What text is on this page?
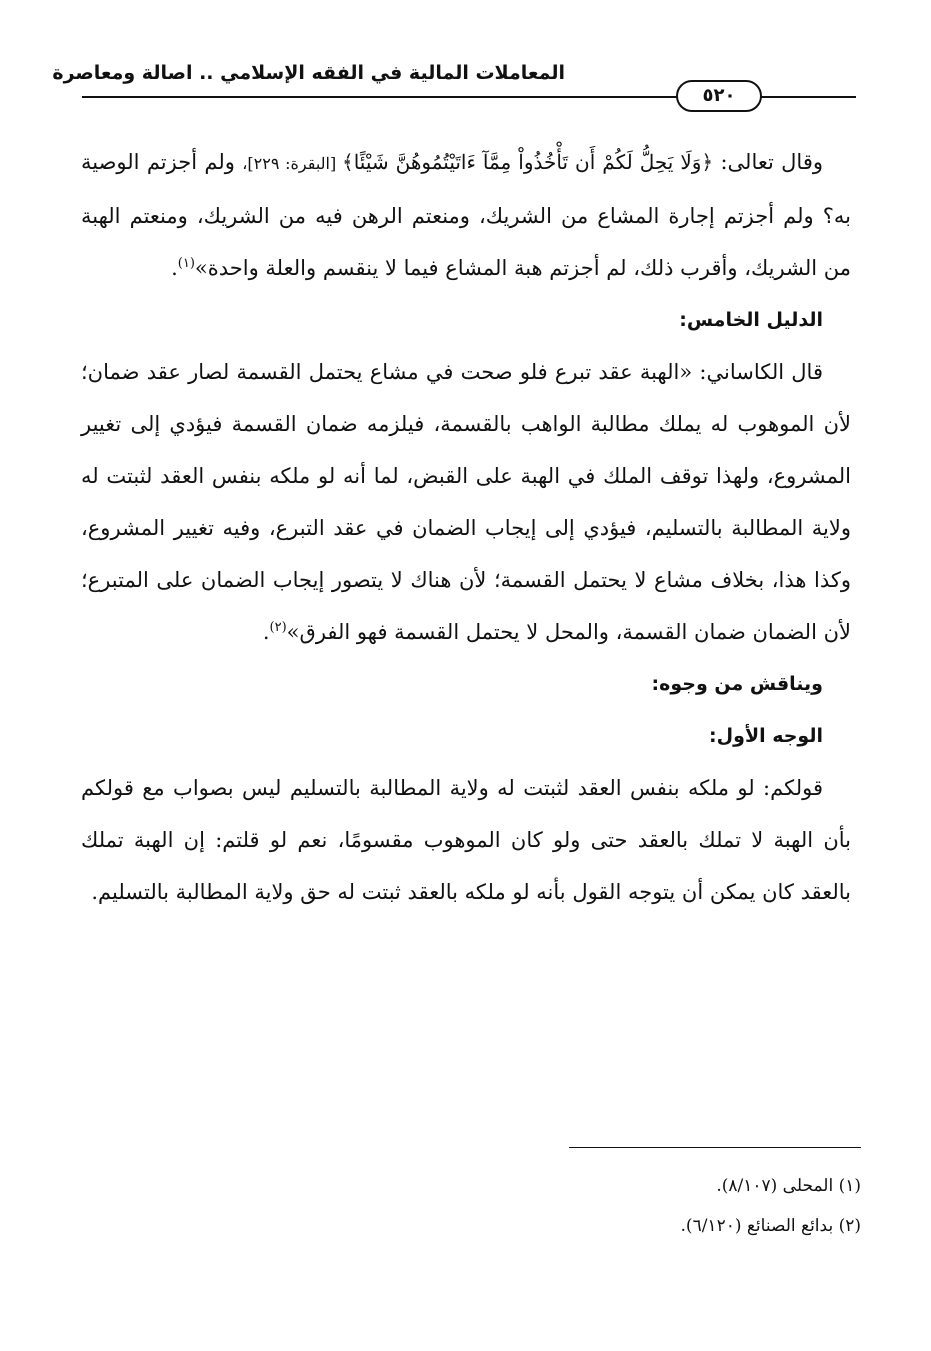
المعاملات المالية في الفقه الإسلامي .. اصالة ومعاصرة
٥٢٠

وقال تعالى: ﴿وَلَا يَحِلُّ لَكُمْ أَن تَأْخُذُواْ مِمَّآ ءَاتَيْتُمُوهُنَّ شَيْئًا﴾ [البقرة: ٢٢٩]، ولم أجزتم الوصية به؟ ولم أجزتم إجارة المشاع من الشريك، ومنعتم الرهن فيه من الشريك، ومنعتم الهبة من الشريك، وأقرب ذلك، لم أجزتم هبة المشاع فيما لا ينقسم والعلة واحدة»$^{(١)}$.

الدليل الخامس:

قال الكاساني: «الهبة عقد تبرع فلو صحت في مشاع يحتمل القسمة لصار عقد ضمان؛ لأن الموهوب له يملك مطالبة الواهب بالقسمة، فيلزمه ضمان القسمة فيؤدي إلى تغيير المشروع، ولهذا توقف الملك في الهبة على القبض، لما أنه لو ملكه بنفس العقد لثبتت له ولاية المطالبة بالتسليم، فيؤدي إلى إيجاب الضمان في عقد التبرع، وفيه تغيير المشروع، وكذا هذا، بخلاف مشاع لا يحتمل القسمة؛ لأن هناك لا يتصور إيجاب الضمان على المتبرع؛ لأن الضمان ضمان القسمة، والمحل لا يحتمل القسمة فهو الفرق»$^{(٢)}$.

ويناقش من وجوه:

الوجه الأول:

قولكم: لو ملكه بنفس العقد لثبتت له ولاية المطالبة بالتسليم ليس بصواب مع قولكم بأن الهبة لا تملك بالعقد حتى ولو كان الموهوب مقسومًا، نعم لو قلتم: إن الهبة تملك بالعقد كان يمكن أن يتوجه القول بأنه لو ملكه بالعقد ثبتت له حق ولاية المطالبة بالتسليم.

(١) المحلى (٨/١٠٧).

(٢) بدائع الصنائع (٦/١٢٠).
